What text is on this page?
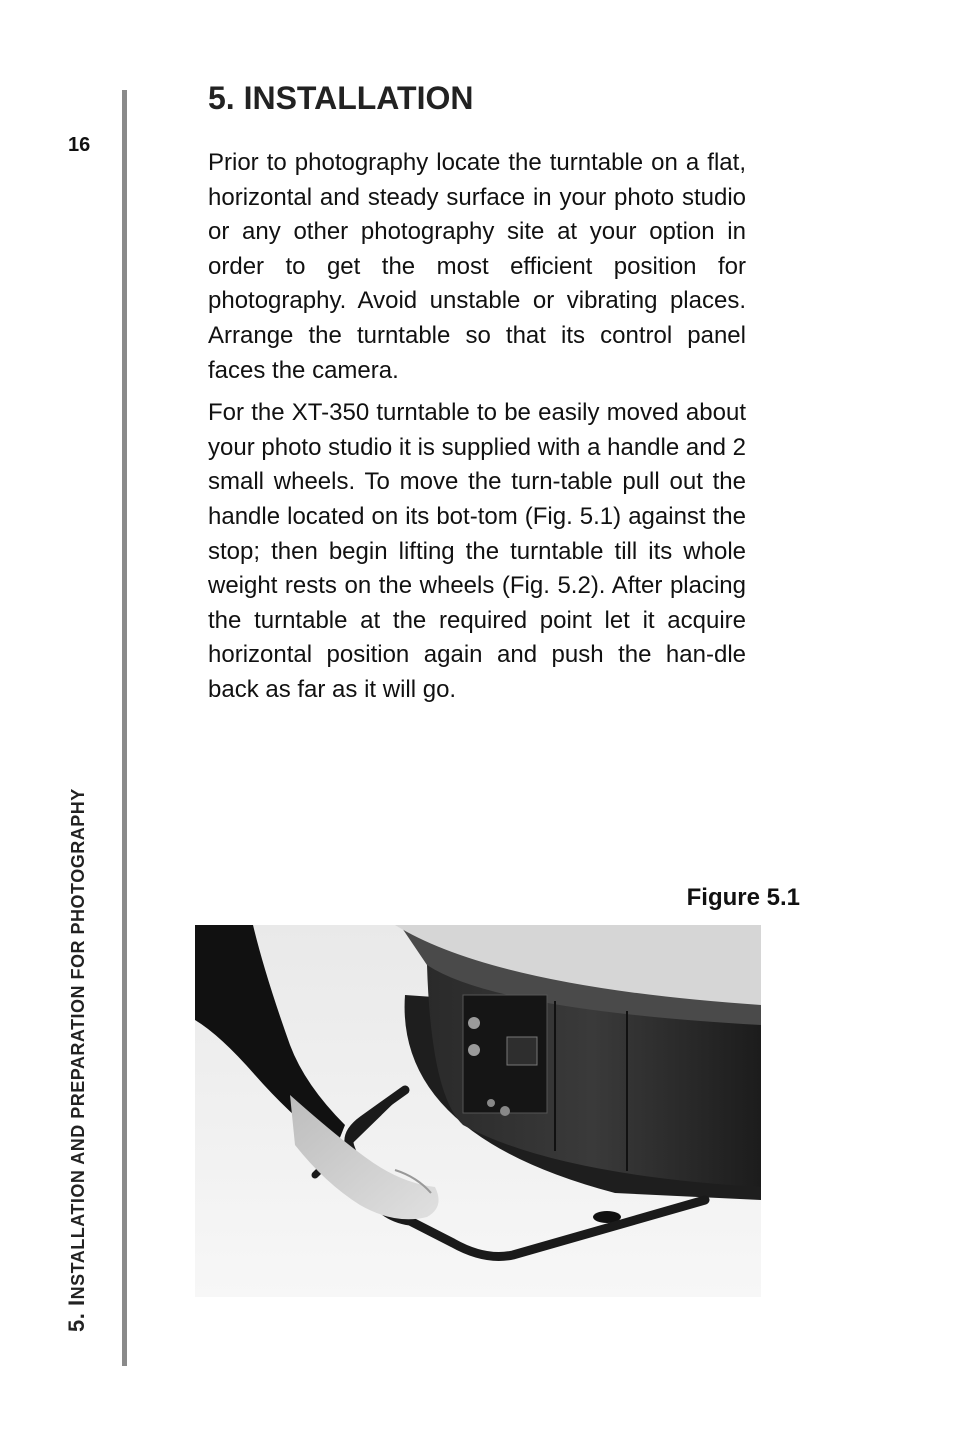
16
5. INSTALLATION AND PREPARATION FOR PHOTOGRAPHY
5. INSTALLATION

Prior to photography locate the turntable on a flat, horizontal and steady surface in your photo studio or any other photography site at your option in order to get the most efficient position for photography. Avoid unstable or vibrating places. Arrange the turntable so that its control panel faces the camera.

For the XT-350 turntable to be easily moved about your photo studio it is supplied with a handle and 2 small wheels. To move the turn-table pull out the handle located on its bot-tom (Fig. 5.1) against the stop; then begin lifting the turntable till its whole weight rests on the wheels (Fig. 5.2). After placing the turntable at the required point let it acquire horizontal position again and push the han-dle back as far as it will go.

Figure 5.1
